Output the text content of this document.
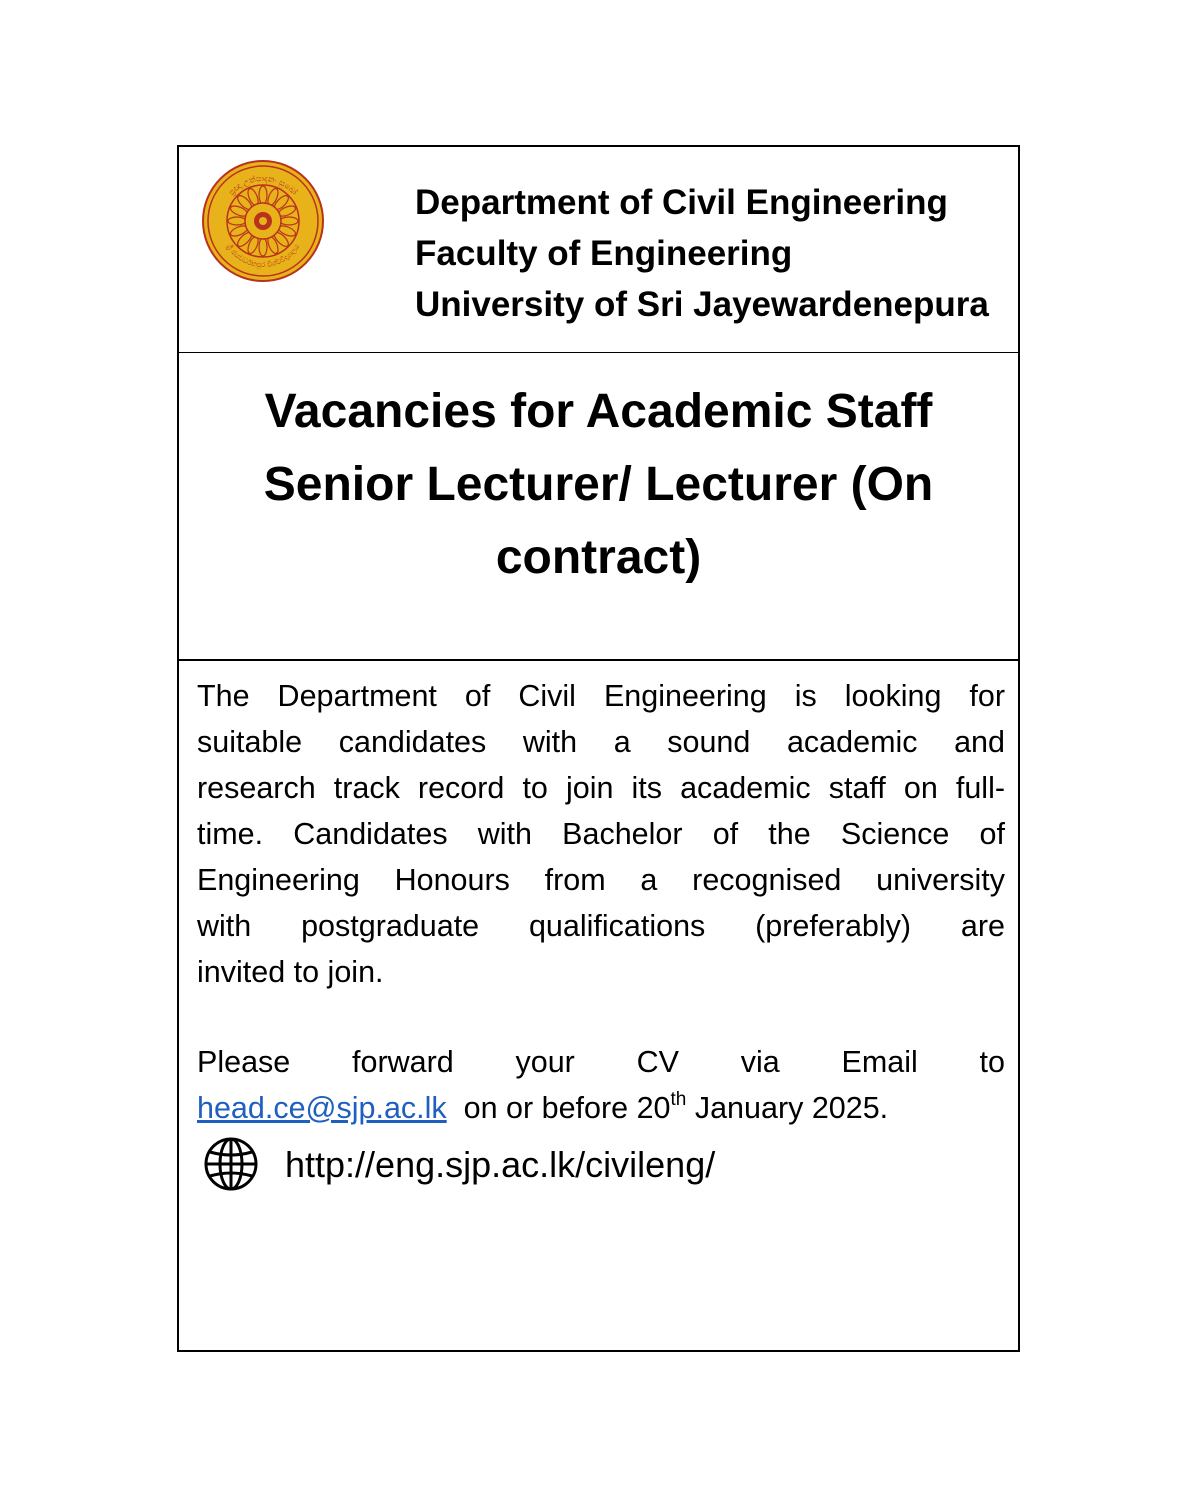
ප්‍රඥා උත්පාදනං සුඛෝ
ශ්‍රී ජයවර්ධනපුර විශ්වවිද්‍යාලය
Department of Civil Engineering
Faculty of Engineering
University of Sri Jayewardenepura
Vacancies for Academic Staff
Senior Lecturer/ Lecturer (On
contract)
The Department of Civil Engineering is looking for
suitable candidates with a sound academic and
research track record to join its academic staff on full-
time. Candidates with Bachelor of the Science of
Engineering Honours from a recognised university
with postgraduate qualifications (preferably) are
invited to join.
Please forward your CV via Email to
head.ce@sjp.ac.lk on or before 20th January 2025.
http://eng.sjp.ac.lk/civileng/
